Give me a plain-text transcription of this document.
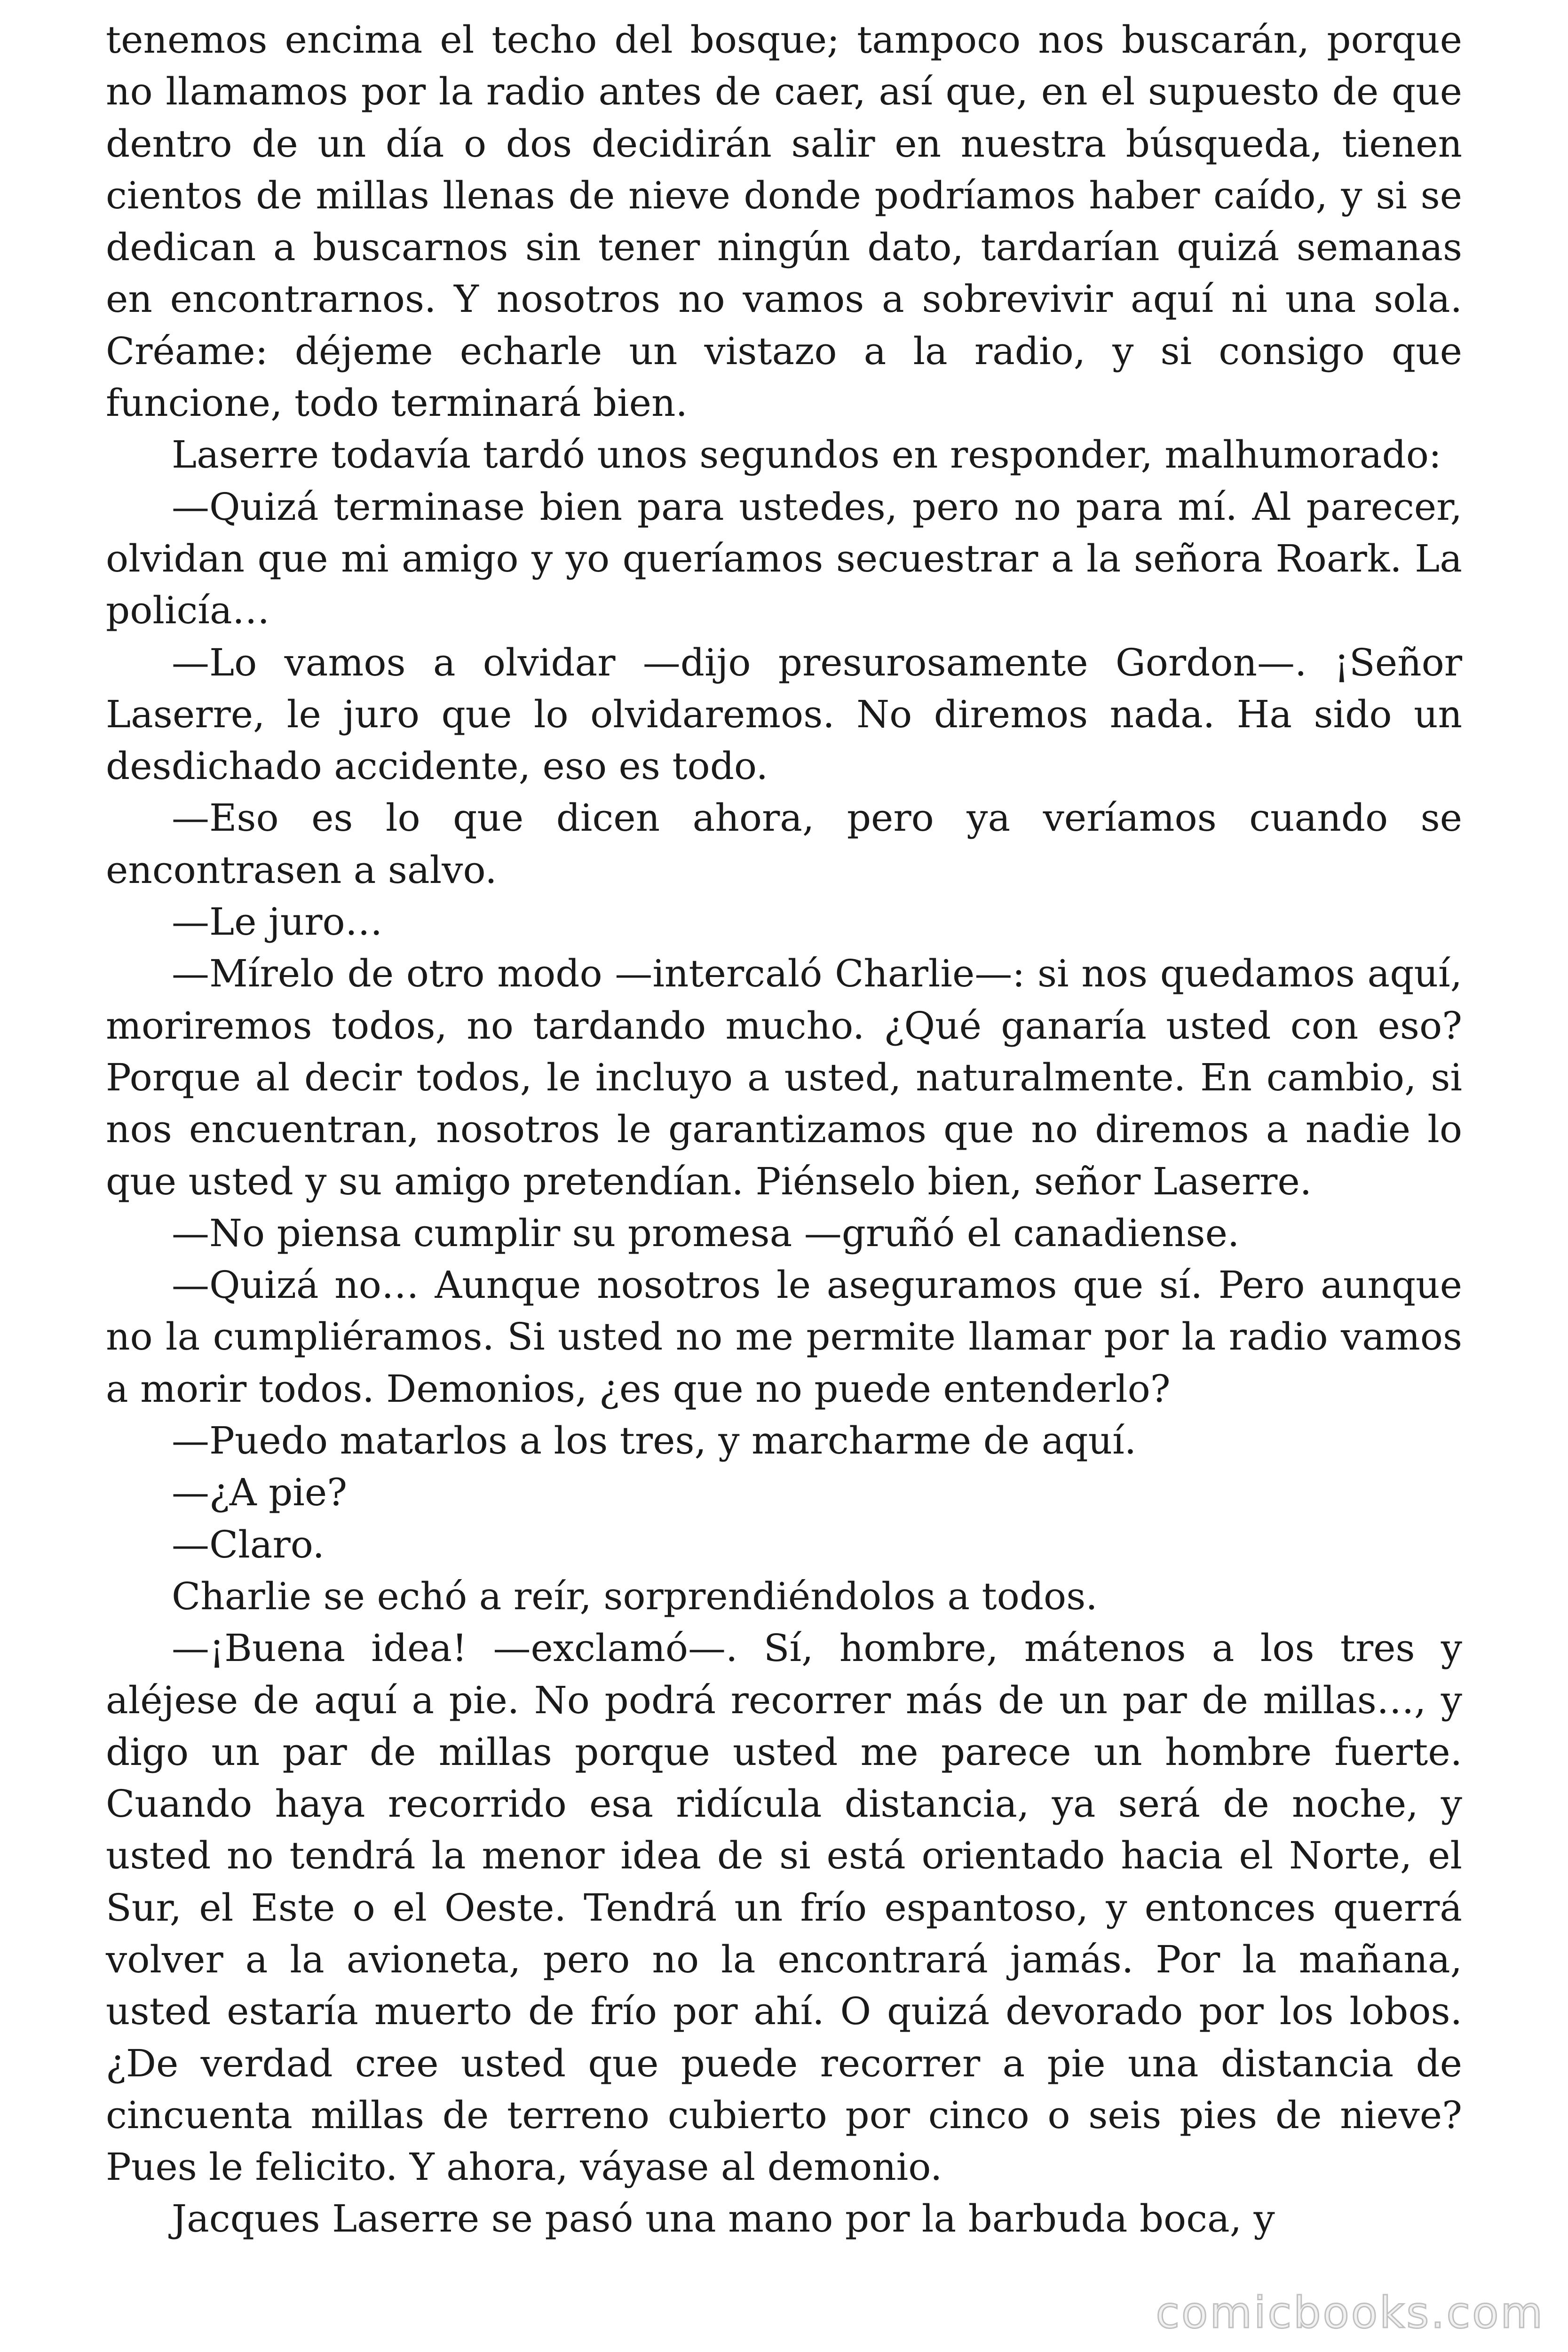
tenemos encima el techo del bosque; tampoco nos buscarán, porque no llamamos por la radio antes de caer, así que, en el supuesto de que dentro de un día o dos decidirán salir en nuestra búsqueda, tienen cientos de millas llenas de nieve donde podríamos haber caído, y si se dedican a buscarnos sin tener ningún dato, tardarían quizá semanas en encontrarnos. Y nosotros no vamos a sobrevivir aquí ni una sola. Créame: déjeme echarle un vistazo a la radio, y si consigo que funcione, todo terminará bien.

Laserre todavía tardó unos segundos en responder, malhumorado:

—Quizá terminase bien para ustedes, pero no para mí. Al parecer, olvidan que mi amigo y yo queríamos secuestrar a la señora Roark. La policía…

—Lo vamos a olvidar —dijo presurosamente Gordon—. ¡Señor Laserre, le juro que lo olvidaremos. No diremos nada. Ha sido un desdichado accidente, eso es todo.

—Eso es lo que dicen ahora, pero ya veríamos cuando se encontrasen a salvo.

—Le juro…

—Mírelo de otro modo —intercaló Charlie—: si nos quedamos aquí, moriremos todos, no tardando mucho. ¿Qué ganaría usted con eso? Porque al decir todos, le incluyo a usted, naturalmente. En cambio, si nos encuentran, nosotros le garantizamos que no diremos a nadie lo que usted y su amigo pretendían. Piénselo bien, señor Laserre.

—No piensa cumplir su promesa —gruñó el canadiense.

—Quizá no… Aunque nosotros le aseguramos que sí. Pero aunque no la cumpliéramos. Si usted no me permite llamar por la radio vamos a morir todos. Demonios, ¿es que no puede entenderlo?

—Puedo matarlos a los tres, y marcharme de aquí.

—¿A pie?

—Claro.

Charlie se echó a reír, sorprendiéndolos a todos.

—¡Buena idea! —exclamó—. Sí, hombre, mátenos a los tres y aléjese de aquí a pie. No podrá recorrer más de un par de millas…, y digo un par de millas porque usted me parece un hombre fuerte. Cuando haya recorrido esa ridícula distancia, ya será de noche, y usted no tendrá la menor idea de si está orientado hacia el Norte, el Sur, el Este o el Oeste. Tendrá un frío espantoso, y entonces querrá volver a la avioneta, pero no la encontrará jamás. Por la mañana, usted estaría muerto de frío por ahí. O quizá devorado por los lobos. ¿De verdad cree usted que puede recorrer a pie una distancia de cincuenta millas de terreno cubierto por cinco o seis pies de nieve? Pues le felicito. Y ahora, váyase al demonio.

Jacques Laserre se pasó una mano por la barbuda boca, y

comicbooks.com
